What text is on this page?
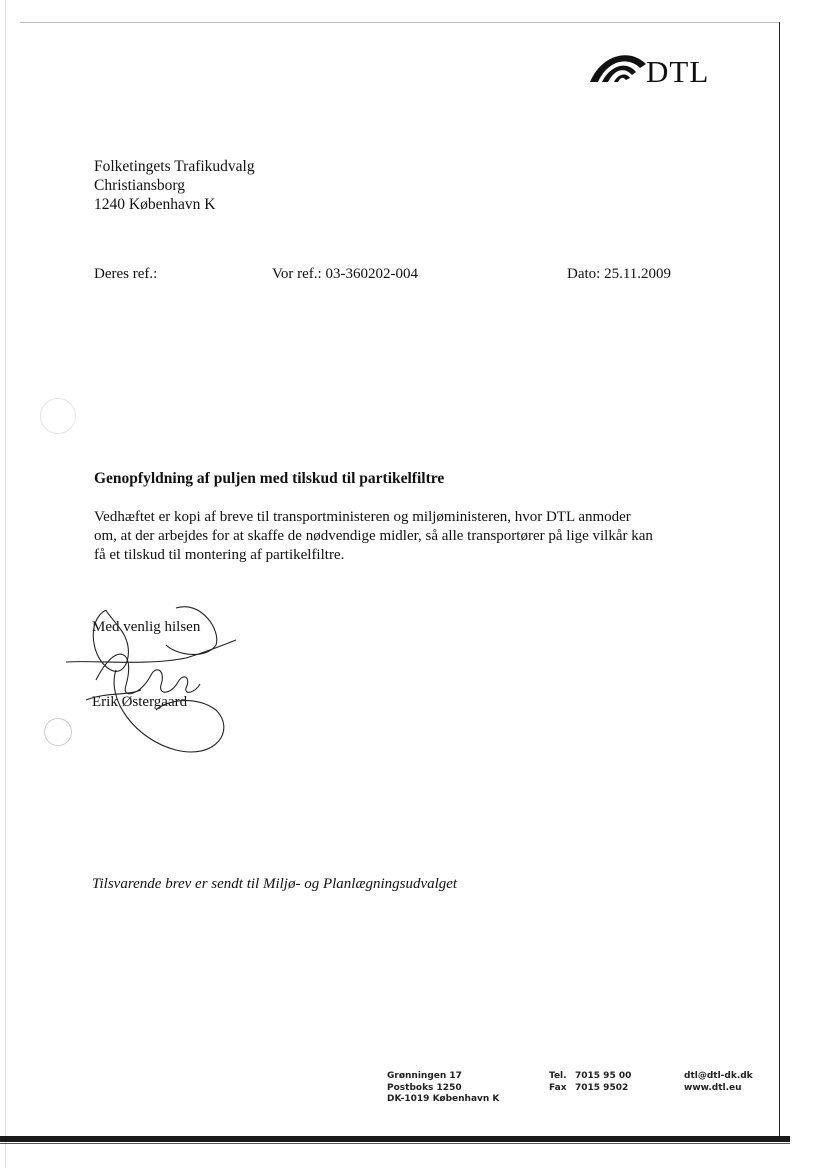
DTL
Folketingets Trafikudvalg
Christiansborg
1240 København K
Deres ref.:	Vor ref.: 03-360202-004	Dato: 25.11.2009
Genopfyldning af puljen med tilskud til partikelfiltre
Vedhæftet er kopi af breve til transportministeren og miljøministeren, hvor DTL anmoder
om, at der arbejdes for at skaffe de nødvendige midler, så alle transportører på lige vilkår kan
få et tilskud til montering af partikelfiltre.
Med venlig hilsen
Erik Østergaard
Tilsvarende brev er sendt til Miljø- og Planlægningsudvalget
Grønningen 17
Postboks 1250
DK-1019 København K
Tel. 7015 95 00
Fax 7015 9502
dtl@dtl-dk.dk
www.dtl.eu
